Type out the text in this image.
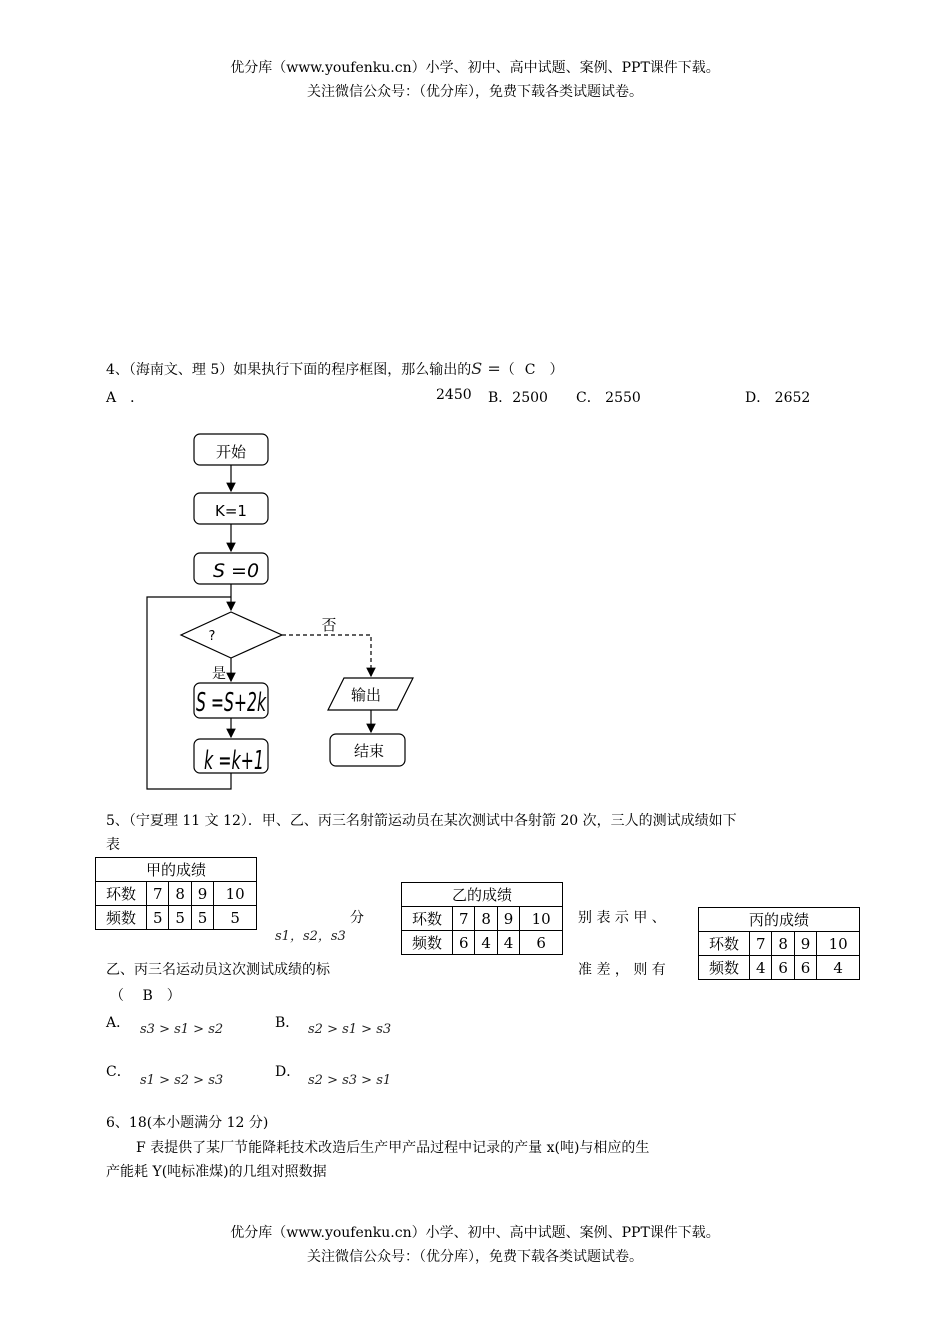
优分库（www.youfenku.cn）小学、初中、高中试题、案例、PPT课件下载。
关注微信公众号：（优分库），免费下载各类试题试卷。
4、（海南文、理 5）如果执行下面的程序框图，那么输出的S =（ C ）
A　．	2450 B．2500 C． 2550	D． 2652
开始
K=1
S =0
?
否
是
S =S+2k
k =k+1
输出
结束
5、（宁夏理 11 文 12）．甲、乙、丙三名射箭运动员在某次测试中各射箭 20 次，三人的测试成绩如下
表
甲的成绩				
环数	7	8	9	10
频数	5	5	5	5
乙的成绩				
环数	7	8	9	10
频数	6	4	4	6
丙的成绩				
环数	7	8	9	10
频数	4	6	6	4
分
s1，s2，s3
别 表 示 甲 、
乙、丙三名运动员这次测试成绩的标	准 差 ， 则 有
（　 B　）
A． s3 > s1 > s2	B． s2 > s1 > s3
C．
s1 > s2 > s3
D．
s2 > s3 > s1
6、18(本小题满分 12 分)
F 表提供了某厂节能降耗技术改造后生产甲产品过程中记录的产量 x(吨)与相应的生
产能耗 Y(吨标准煤)的几组对照数据
优分库（www.youfenku.cn）小学、初中、高中试题、案例、PPT课件下载。
关注微信公众号：（优分库），免费下载各类试题试卷。
